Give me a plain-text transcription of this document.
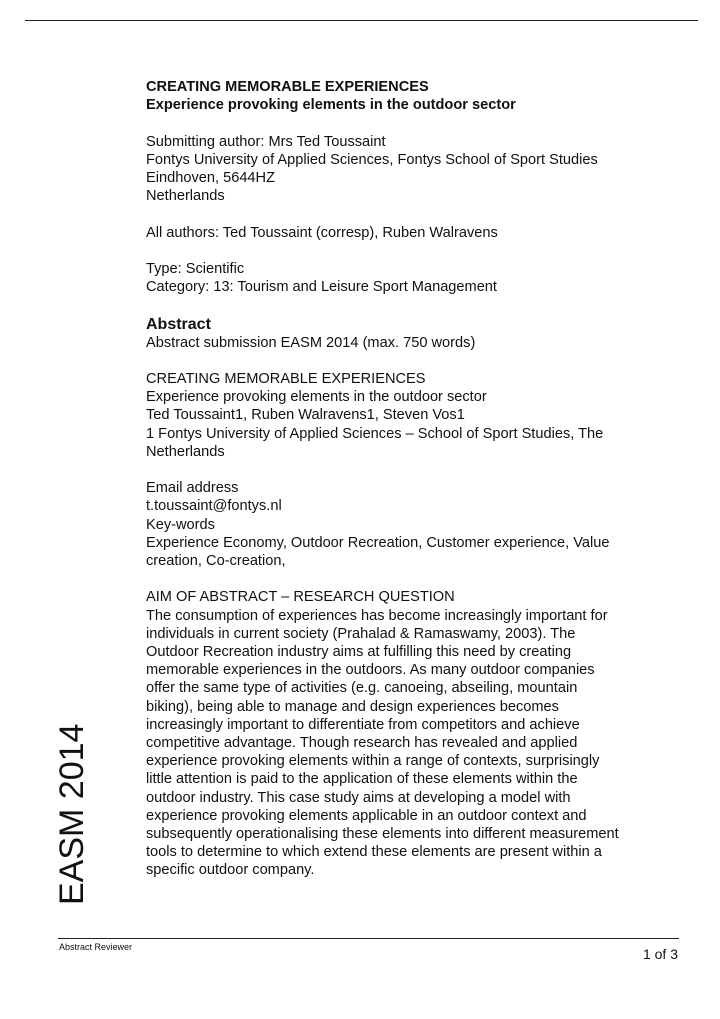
CREATING MEMORABLE EXPERIENCES

Experience provoking elements in the outdoor sector

Submitting author: Mrs Ted Toussaint

Fontys University of Applied Sciences, Fontys School of Sport Studies

Eindhoven, 5644HZ

Netherlands

All authors: Ted Toussaint (corresp), Ruben Walravens

Type: Scientific

Category: 13: Tourism and Leisure Sport Management

Abstract

Abstract submission EASM 2014 (max. 750 words)

CREATING MEMORABLE EXPERIENCES

Experience provoking elements in the outdoor sector

Ted Toussaint1, Ruben Walravens1, Steven Vos1

1 Fontys University of Applied Sciences – School of Sport Studies, The
Netherlands

Email address

t.toussaint@fontys.nl

Key-words

Experience Economy, Outdoor Recreation, Customer experience, Value
creation, Co-creation,

AIM OF ABSTRACT – RESEARCH QUESTION

The consumption of experiences has become increasingly important for
individuals in current society (Prahalad & Ramaswamy, 2003). The
Outdoor Recreation industry aims at fulfilling this need by creating
memorable experiences in the outdoors. As many outdoor companies
offer the same type of activities (e.g. canoeing, abseiling, mountain
biking), being able to manage and design experiences becomes
increasingly important to differentiate from competitors and achieve
competitive advantage. Though research has revealed and applied
experience provoking elements within a range of contexts, surprisingly
little attention is paid to the application of these elements within the
outdoor industry. This case study aims at developing a model with
experience provoking elements applicable in an outdoor context and
subsequently operationalising these elements into different measurement
tools to determine to which extend these elements are present within a
specific outdoor company.

EASM 2014
Abstract Reviewer	1 of 3
